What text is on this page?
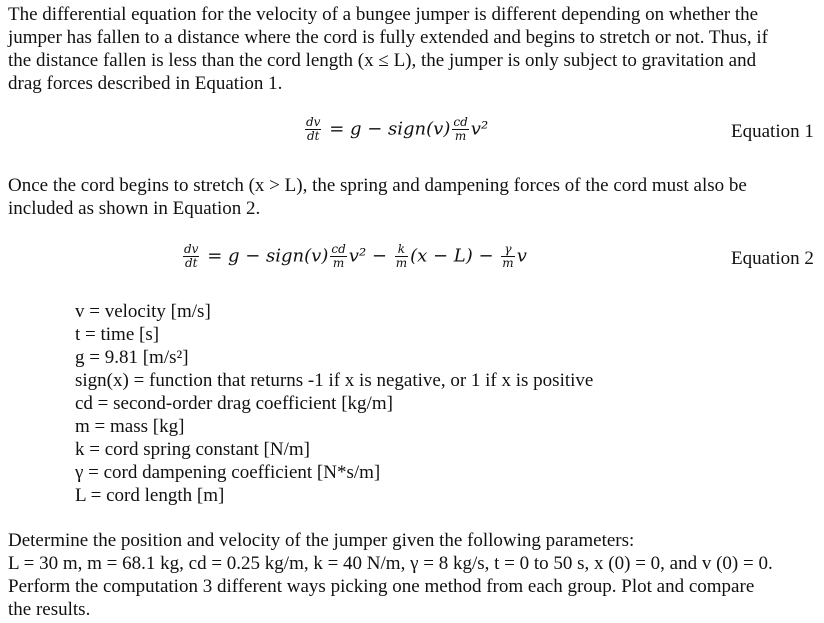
The differential equation for the velocity of a bungee jumper is different depending on whether the
jumper has fallen to a distance where the cord is fully extended and begins to stretch or not. Thus, if
the distance fallen is less than the cord length (x ≤ L), the jumper is only subject to gravitation and
drag forces described in Equation 1.
$\frac{dv}{dt} = g$ − sign(v) $\frac{cd}{m} v^2$	Equation 1
Once the cord begins to stretch (x > L), the spring and dampening forces of the cord must also be
included as shown in Equation 2.
$\frac{dv}{dt} = g$ − sign(v) $\frac{cd}{m} v^2 - \frac{k}{m} (x - L) - \frac{\gamma}{m}$ v	Equation 2
v = velocity [m/s]
t = time [s]
g = 9.81 [m/s²]
sign(x) = function that returns -1 if x is negative, or 1 if x is positive
cd = second-order drag coefficient [kg/m]
m = mass [kg]
k = cord spring constant [N/m]
γ = cord dampening coefficient [N*s/m]
L = cord length [m]
Determine the position and velocity of the jumper given the following parameters:
L = 30 m, m = 68.1 kg, cd = 0.25 kg/m, k = 40 N/m, γ = 8 kg/s, t = 0 to 50 s, x (0) = 0, and v (0) = 0.
Perform the computation 3 different ways picking one method from each group. Plot and compare
the results.
